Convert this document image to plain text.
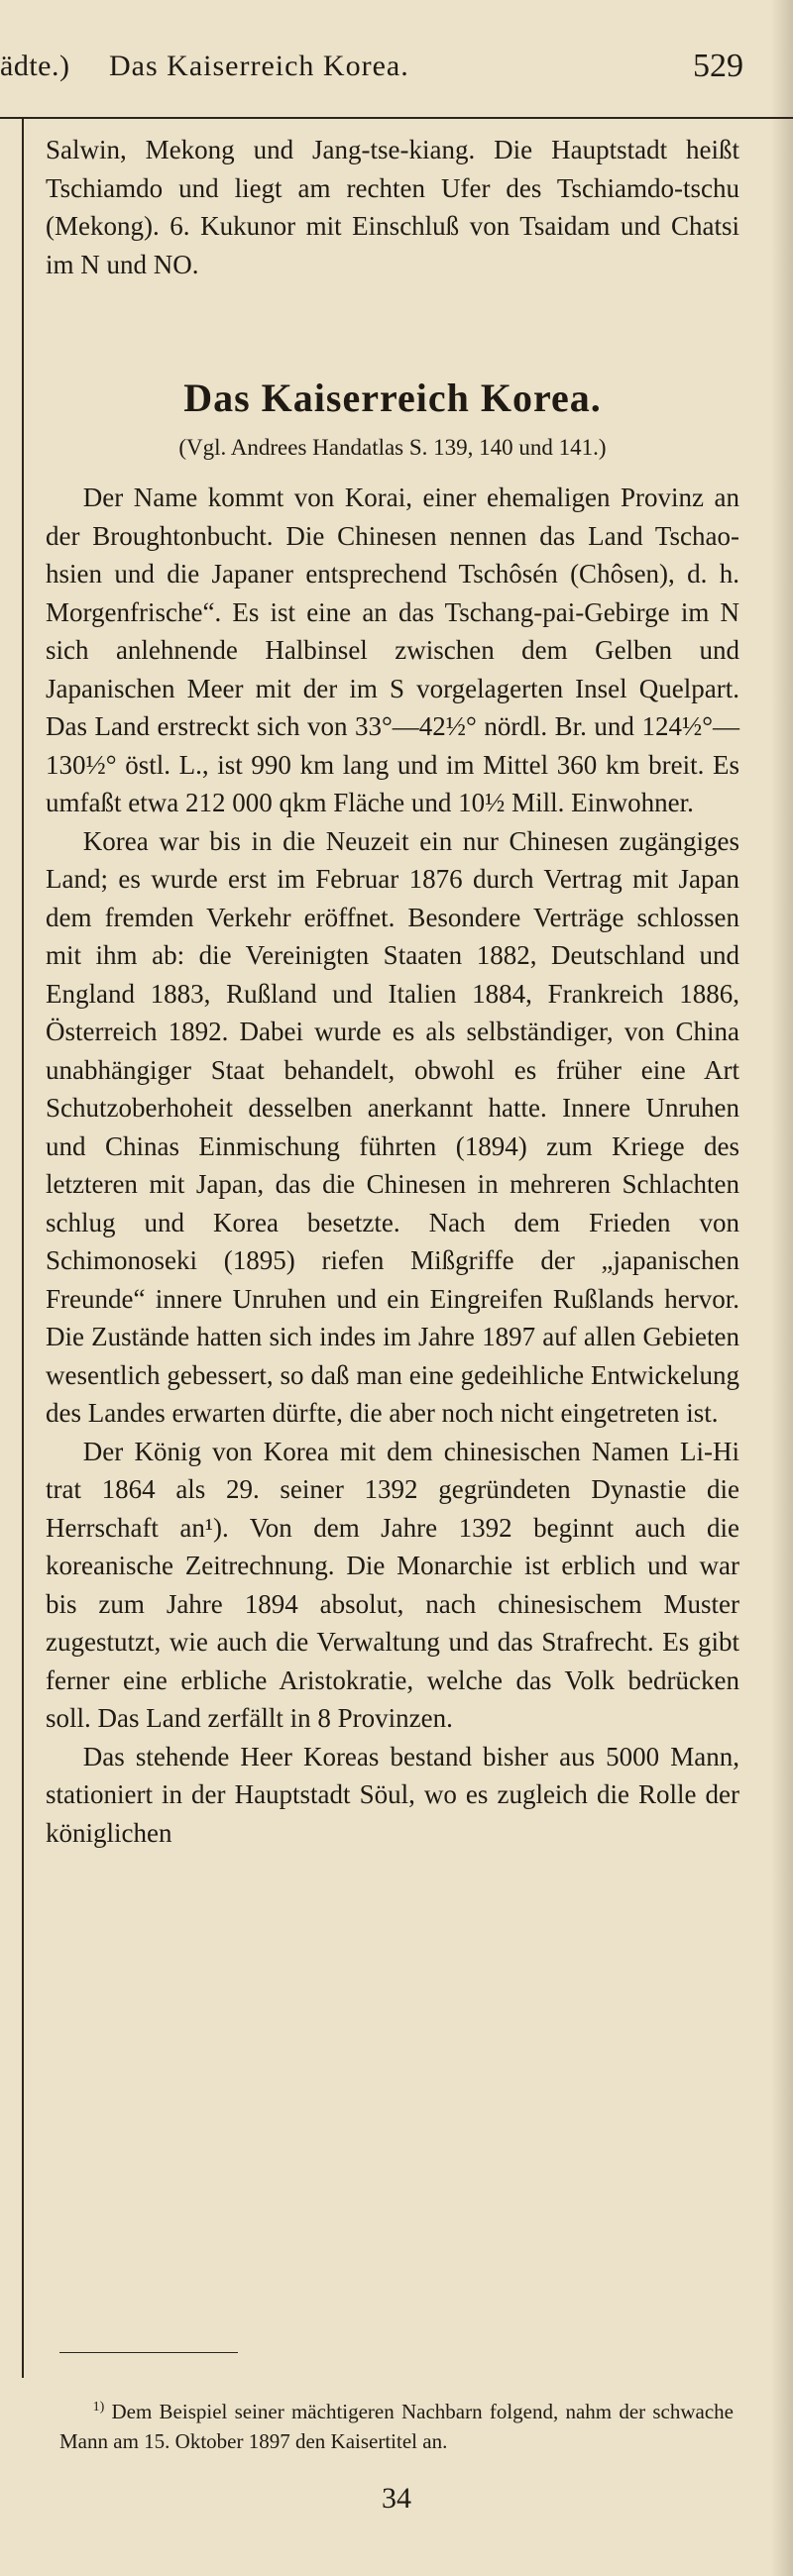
ädte.) Das Kaiserreich Korea.	529

Salwin, Mekong und Jang-tse-kiang. Die Hauptstadt heißt Tschiamdo und liegt am rechten Ufer des Tschiamdo-tschu (Mekong). 6. Kukunor mit Einschluß von Tsaidam und Chatsi im N und NO.

Das Kaiserreich Korea.

(Vgl. Andrees Handatlas S. 139, 140 und 141.)

Der Name kommt von Korai, einer ehemaligen Provinz an der Broughtonbucht. Die Chinesen nennen das Land Tschao-hsien und die Japaner entsprechend Tschôsén (Chôsen), d. h. Morgenfrische“. Es ist eine an das Tschang-pai-Gebirge im N sich anlehnende Halbinsel zwischen dem Gelben und Japanischen Meer mit der im S vorgelagerten Insel Quelpart. Das Land erstreckt sich von 33°—42½° nördl. Br. und 124½°—130½° östl. L., ist 990 km lang und im Mittel 360 km breit. Es umfaßt etwa 212 000 qkm Fläche und 10½ Mill. Einwohner.

Korea war bis in die Neuzeit ein nur Chinesen zugängiges Land; es wurde erst im Februar 1876 durch Vertrag mit Japan dem fremden Verkehr eröffnet. Besondere Verträge schlossen mit ihm ab: die Vereinigten Staaten 1882, Deutschland und England 1883, Rußland und Italien 1884, Frankreich 1886, Österreich 1892. Dabei wurde es als selbständiger, von China unabhängiger Staat behandelt, obwohl es früher eine Art Schutzoberhoheit desselben anerkannt hatte. Innere Unruhen und Chinas Einmischung führten (1894) zum Kriege des letzteren mit Japan, das die Chinesen in mehreren Schlachten schlug und Korea besetzte. Nach dem Frieden von Schimonoseki (1895) riefen Mißgriffe der „japanischen Freunde“ innere Unruhen und ein Eingreifen Rußlands hervor. Die Zustände hatten sich indes im Jahre 1897 auf allen Gebieten wesentlich gebessert, so daß man eine gedeihliche Entwickelung des Landes erwarten dürfte, die aber noch nicht eingetreten ist.

Der König von Korea mit dem chinesischen Namen Li-Hi trat 1864 als 29. seiner 1392 gegründeten Dynastie die Herrschaft an¹). Von dem Jahre 1392 beginnt auch die koreanische Zeitrechnung. Die Monarchie ist erblich und war bis zum Jahre 1894 absolut, nach chinesischem Muster zugestutzt, wie auch die Verwaltung und das Strafrecht. Es gibt ferner eine erbliche Aristokratie, welche das Volk bedrücken soll. Das Land zerfällt in 8 Provinzen.

Das stehende Heer Koreas bestand bisher aus 5000 Mann, stationiert in der Hauptstadt Söul, wo es zugleich die Rolle der königlichen

$^{1)}$ Dem Beispiel seiner mächtigeren Nachbarn folgend, nahm der schwache Mann am 15. Oktober 1897 den Kaisertitel an.

34
